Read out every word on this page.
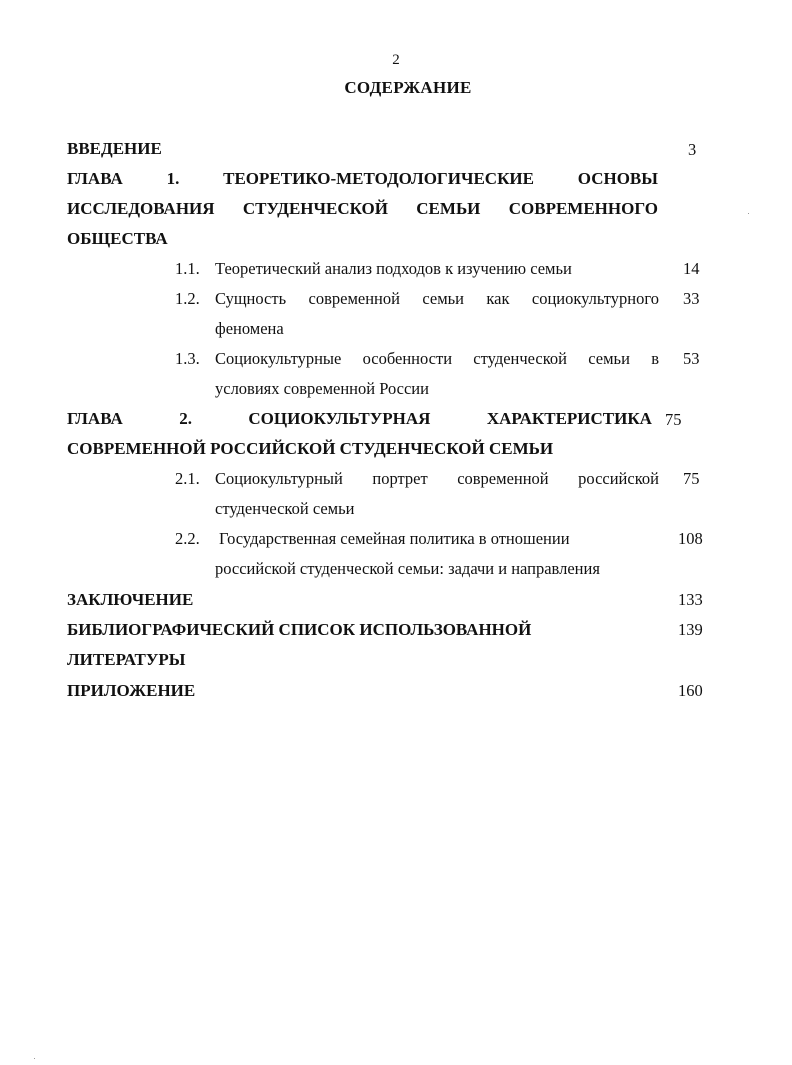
2
СОДЕРЖАНИЕ
ВВЕДЕНИЕ	3
ГЛАВА	1.	ТЕОРЕТИКО-МЕТОДОЛОГИЧЕСКИЕ	ОСНОВЫ
ИССЛЕДОВАНИЯ СТУДЕНЧЕСКОЙ СЕМЬИ СОВРЕМЕННОГО
ОБЩЕСТВА
1.1. Теоретический анализ подходов к изучению семьи	14
1.2. Сущность современной семьи как социокультурного 33
феномена
1.3. Социокультурные особенности студенческой семьи в 53
условиях современной России
ГЛАВА	2.	СОЦИОКУЛЬТУРНАЯ	ХАРАКТЕРИСТИКА 75
СОВРЕМЕННОЙ РОССИЙСКОЙ СТУДЕНЧЕСКОЙ СЕМЬИ
2.1. Социокультурный портрет современной российской 75
студенческой семьи
2.2. Государственная семейная политика в отношении	108
российской студенческой семьи: задачи и направления
ЗАКЛЮЧЕНИЕ	133
БИБЛИОГРАФИЧЕСКИЙ СПИСОК ИСПОЛЬЗОВАННОЙ	139
ЛИТЕРАТУРЫ
ПРИЛОЖЕНИЕ	160
